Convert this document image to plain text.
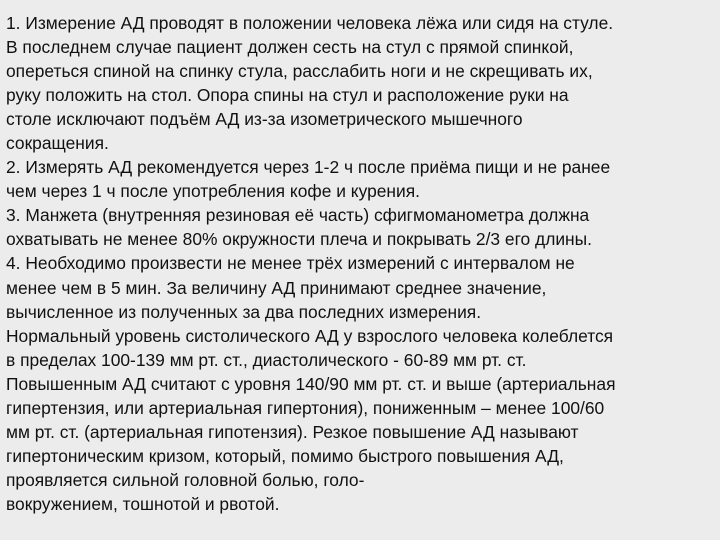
1. Измерение АД проводят в положении человека лёжа или сидя на стуле.
В последнем случае пациент должен сесть на стул с прямой спинкой,
опереться спиной на спинку стула, расслабить ноги и не скрещивать их,
руку положить на стол. Опора спины на стул и расположение руки на
столе исключают подъём АД из-за изометрического мышечного
сокращения.
2. Измерять АД рекомендуется через 1-2 ч после приёма пищи и не ранее
чем через 1 ч после употребления кофе и курения.
3. Манжета (внутренняя резиновая её часть) сфигмоманометра должна
охватывать не менее 80% окружности плеча и покрывать 2/3 его длины.
4. Необходимо произвести не менее трёх измерений с интервалом не
менее чем в 5 мин. За величину АД принимают среднее значение,
вычисленное из полученных за два последних измерения.
Нормальный уровень систолического АД у взрослого человека колеблется
в пределах 100-139 мм рт. ст., диастолического - 60-89 мм рт. ст.
Повышенным АД считают с уровня 140/90 мм рт. ст. и выше (артериальная
гипертензия, или артериальная гипертония), пониженным – менее 100/60
мм рт. ст. (артериальная гипотензия). Резкое повышение АД называют
гипертоническим кризом, который, помимо быстрого повышения АД,
проявляется сильной головной болью, голо-
вокружением, тошнотой и рвотой.
